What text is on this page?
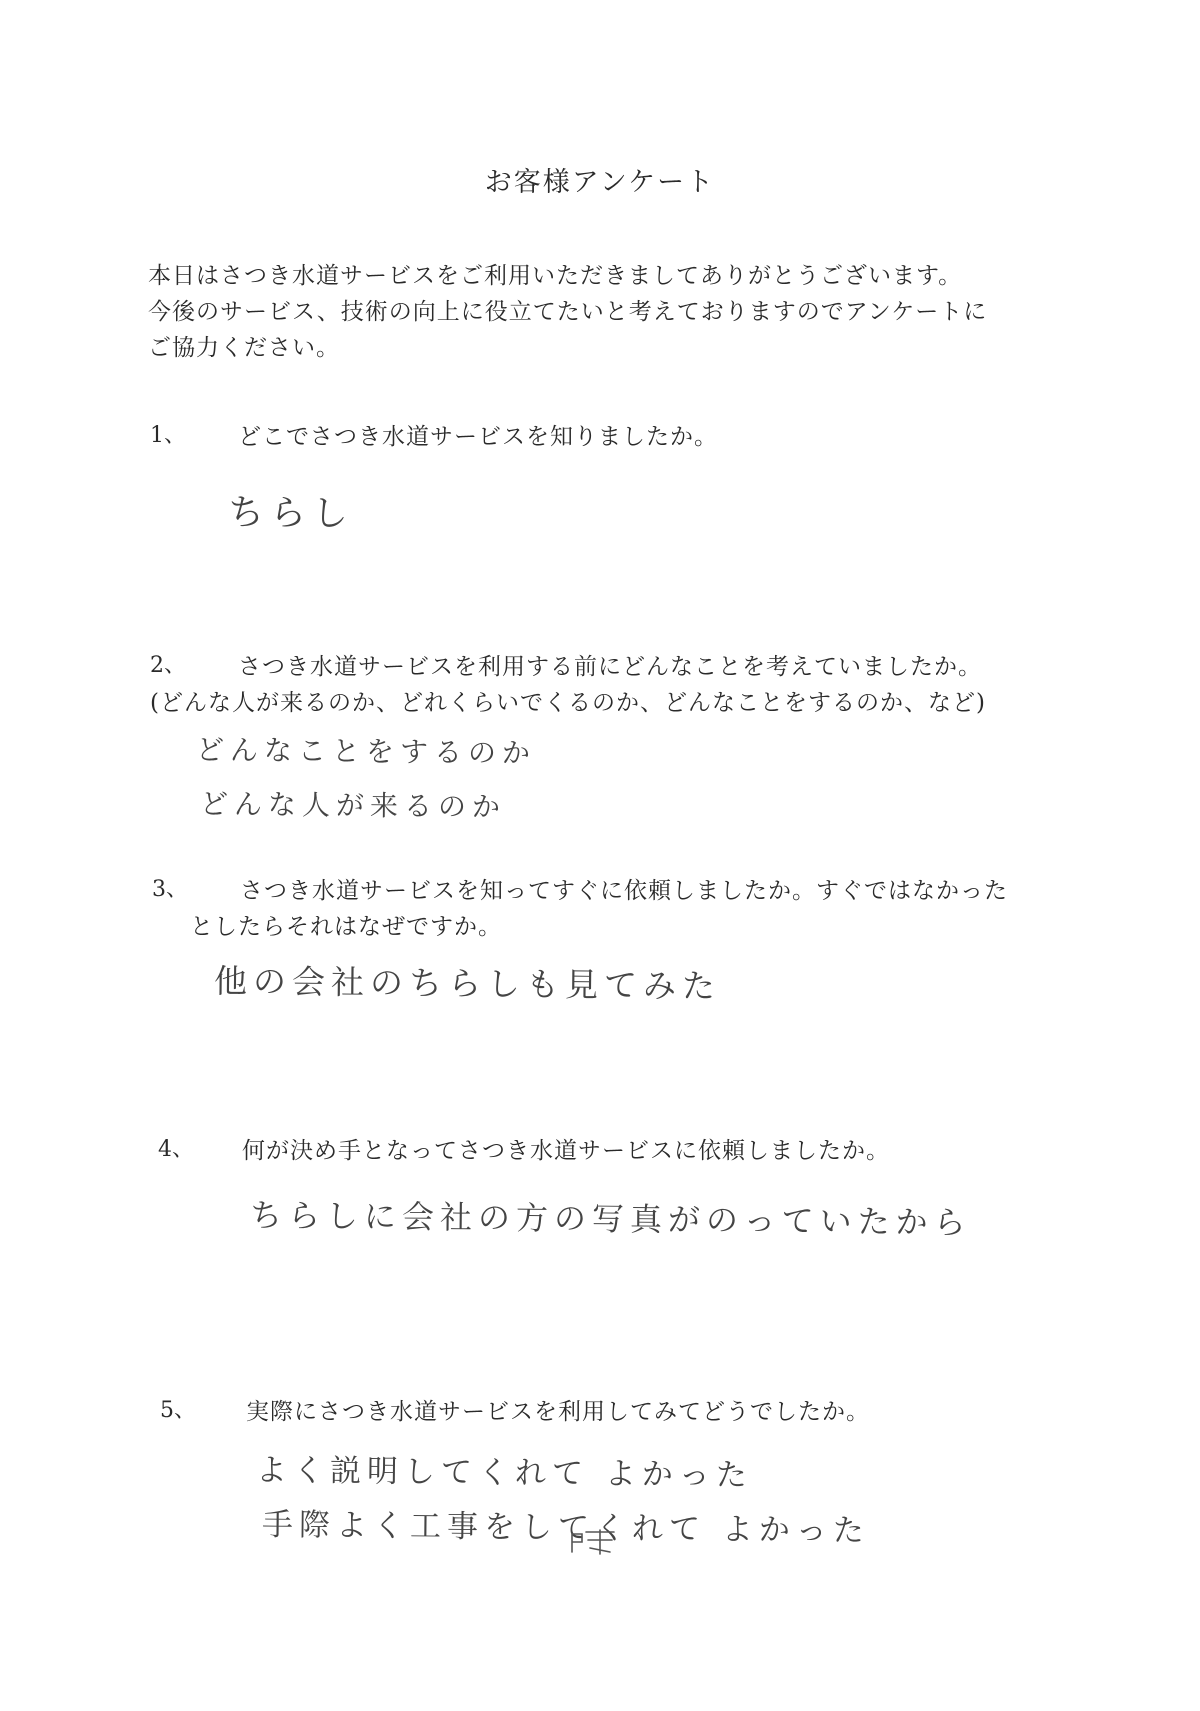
お客様アンケート
本日はさつき水道サービスをご利用いただきましてありがとうございます。
今後のサービス、技術の向上に役立てたいと考えておりますのでアンケートに
ご協力ください。
1、 どこでさつき水道サービスを知りましたか。
ちらし
2、 さつき水道サービスを利用する前にどんなことを考えていましたか。
(どんな人が来るのか、どれくらいでくるのか、どんなことをするのか、など)
どんなことをするのか
どんな人が来るのか
3、 さつき水道サービスを知ってすぐに依頼しましたか。すぐではなかった
としたらそれはなぜですか。
他の会社のちらしも見てみた
4、 何が決め手となってさつき水道サービスに依頼しましたか。
ちらしに会社の方の写真がのっていたから
5、 実際にさつき水道サービスを利用してみてどうでしたか。
よく説明してくれて よかった
手際よく工事をしてくれて よかった
